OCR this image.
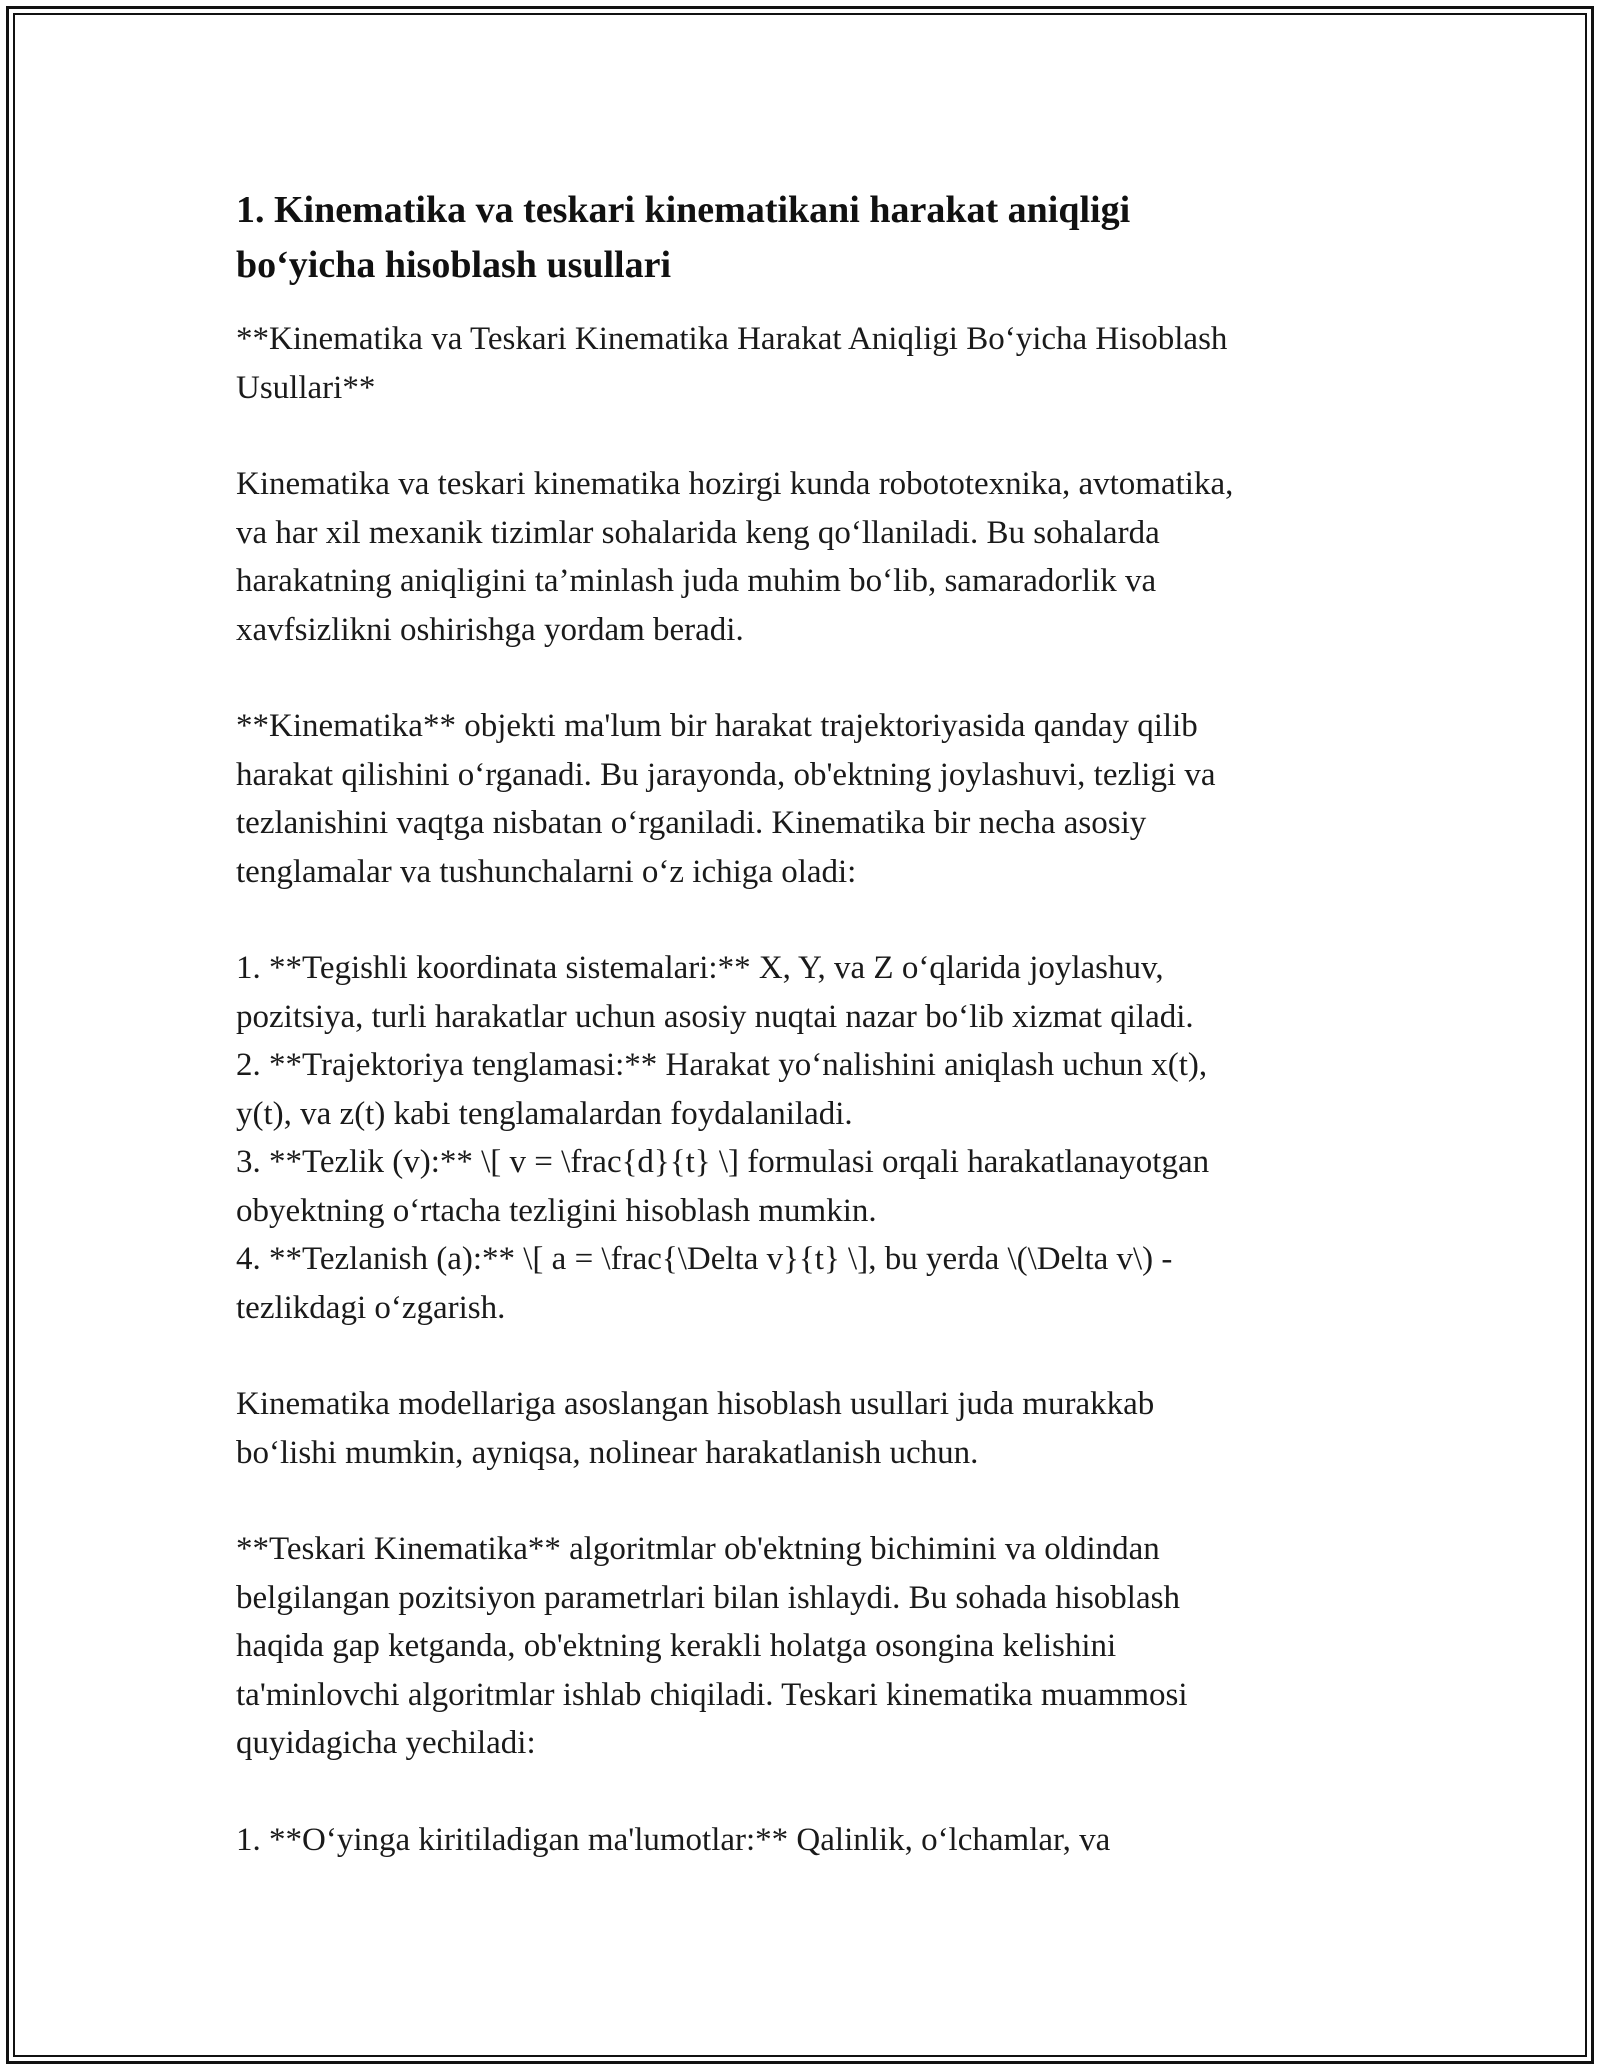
1. Kinematika va teskari kinematikani harakat aniqligi
bo‘yicha hisoblash usullari

**Kinematika va Teskari Kinematika Harakat Aniqligi Bo‘yicha Hisoblash
Usullari**

Kinematika va teskari kinematika hozirgi kunda robototexnika, avtomatika,
va har xil mexanik tizimlar sohalarida keng qo‘llaniladi. Bu sohalarda
harakatning aniqligini ta’minlash juda muhim bo‘lib, samaradorlik va
xavfsizlikni oshirishga yordam beradi.

**Kinematika** objekti ma'lum bir harakat trajektoriyasida qanday qilib
harakat qilishini o‘rganadi. Bu jarayonda, ob'ektning joylashuvi, tezligi va
tezlanishini vaqtga nisbatan o‘rganiladi. Kinematika bir necha asosiy
tenglamalar va tushunchalarni o‘z ichiga oladi:

1. **Tegishli koordinata sistemalari:** X, Y, va Z o‘qlarida joylashuv,
pozitsiya, turli harakatlar uchun asosiy nuqtai nazar bo‘lib xizmat qiladi.
2. **Trajektoriya tenglamasi:** Harakat yo‘nalishini aniqlash uchun x(t),
y(t), va z(t) kabi tenglamalardan foydalaniladi.
3. **Tezlik (v):** \[ v = \frac{d}{t} \] formulasi orqali harakatlanayotgan
obyektning o‘rtacha tezligini hisoblash mumkin.
4. **Tezlanish (a):** \[ a = \frac{\Delta v}{t} \], bu yerda \(\Delta v\) -
tezlikdagi o‘zgarish.

Kinematika modellariga asoslangan hisoblash usullari juda murakkab
bo‘lishi mumkin, ayniqsa, nolinear harakatlanish uchun.

**Teskari Kinematika** algoritmlar ob'ektning bichimini va oldindan
belgilangan pozitsiyon parametrlari bilan ishlaydi. Bu sohada hisoblash
haqida gap ketganda, ob'ektning kerakli holatga osongina kelishini
ta'minlovchi algoritmlar ishlab chiqiladi. Teskari kinematika muammosi
quyidagicha yechiladi:

1. **O‘yinga kiritiladigan ma'lumotlar:** Qalinlik, o‘lchamlar, va
